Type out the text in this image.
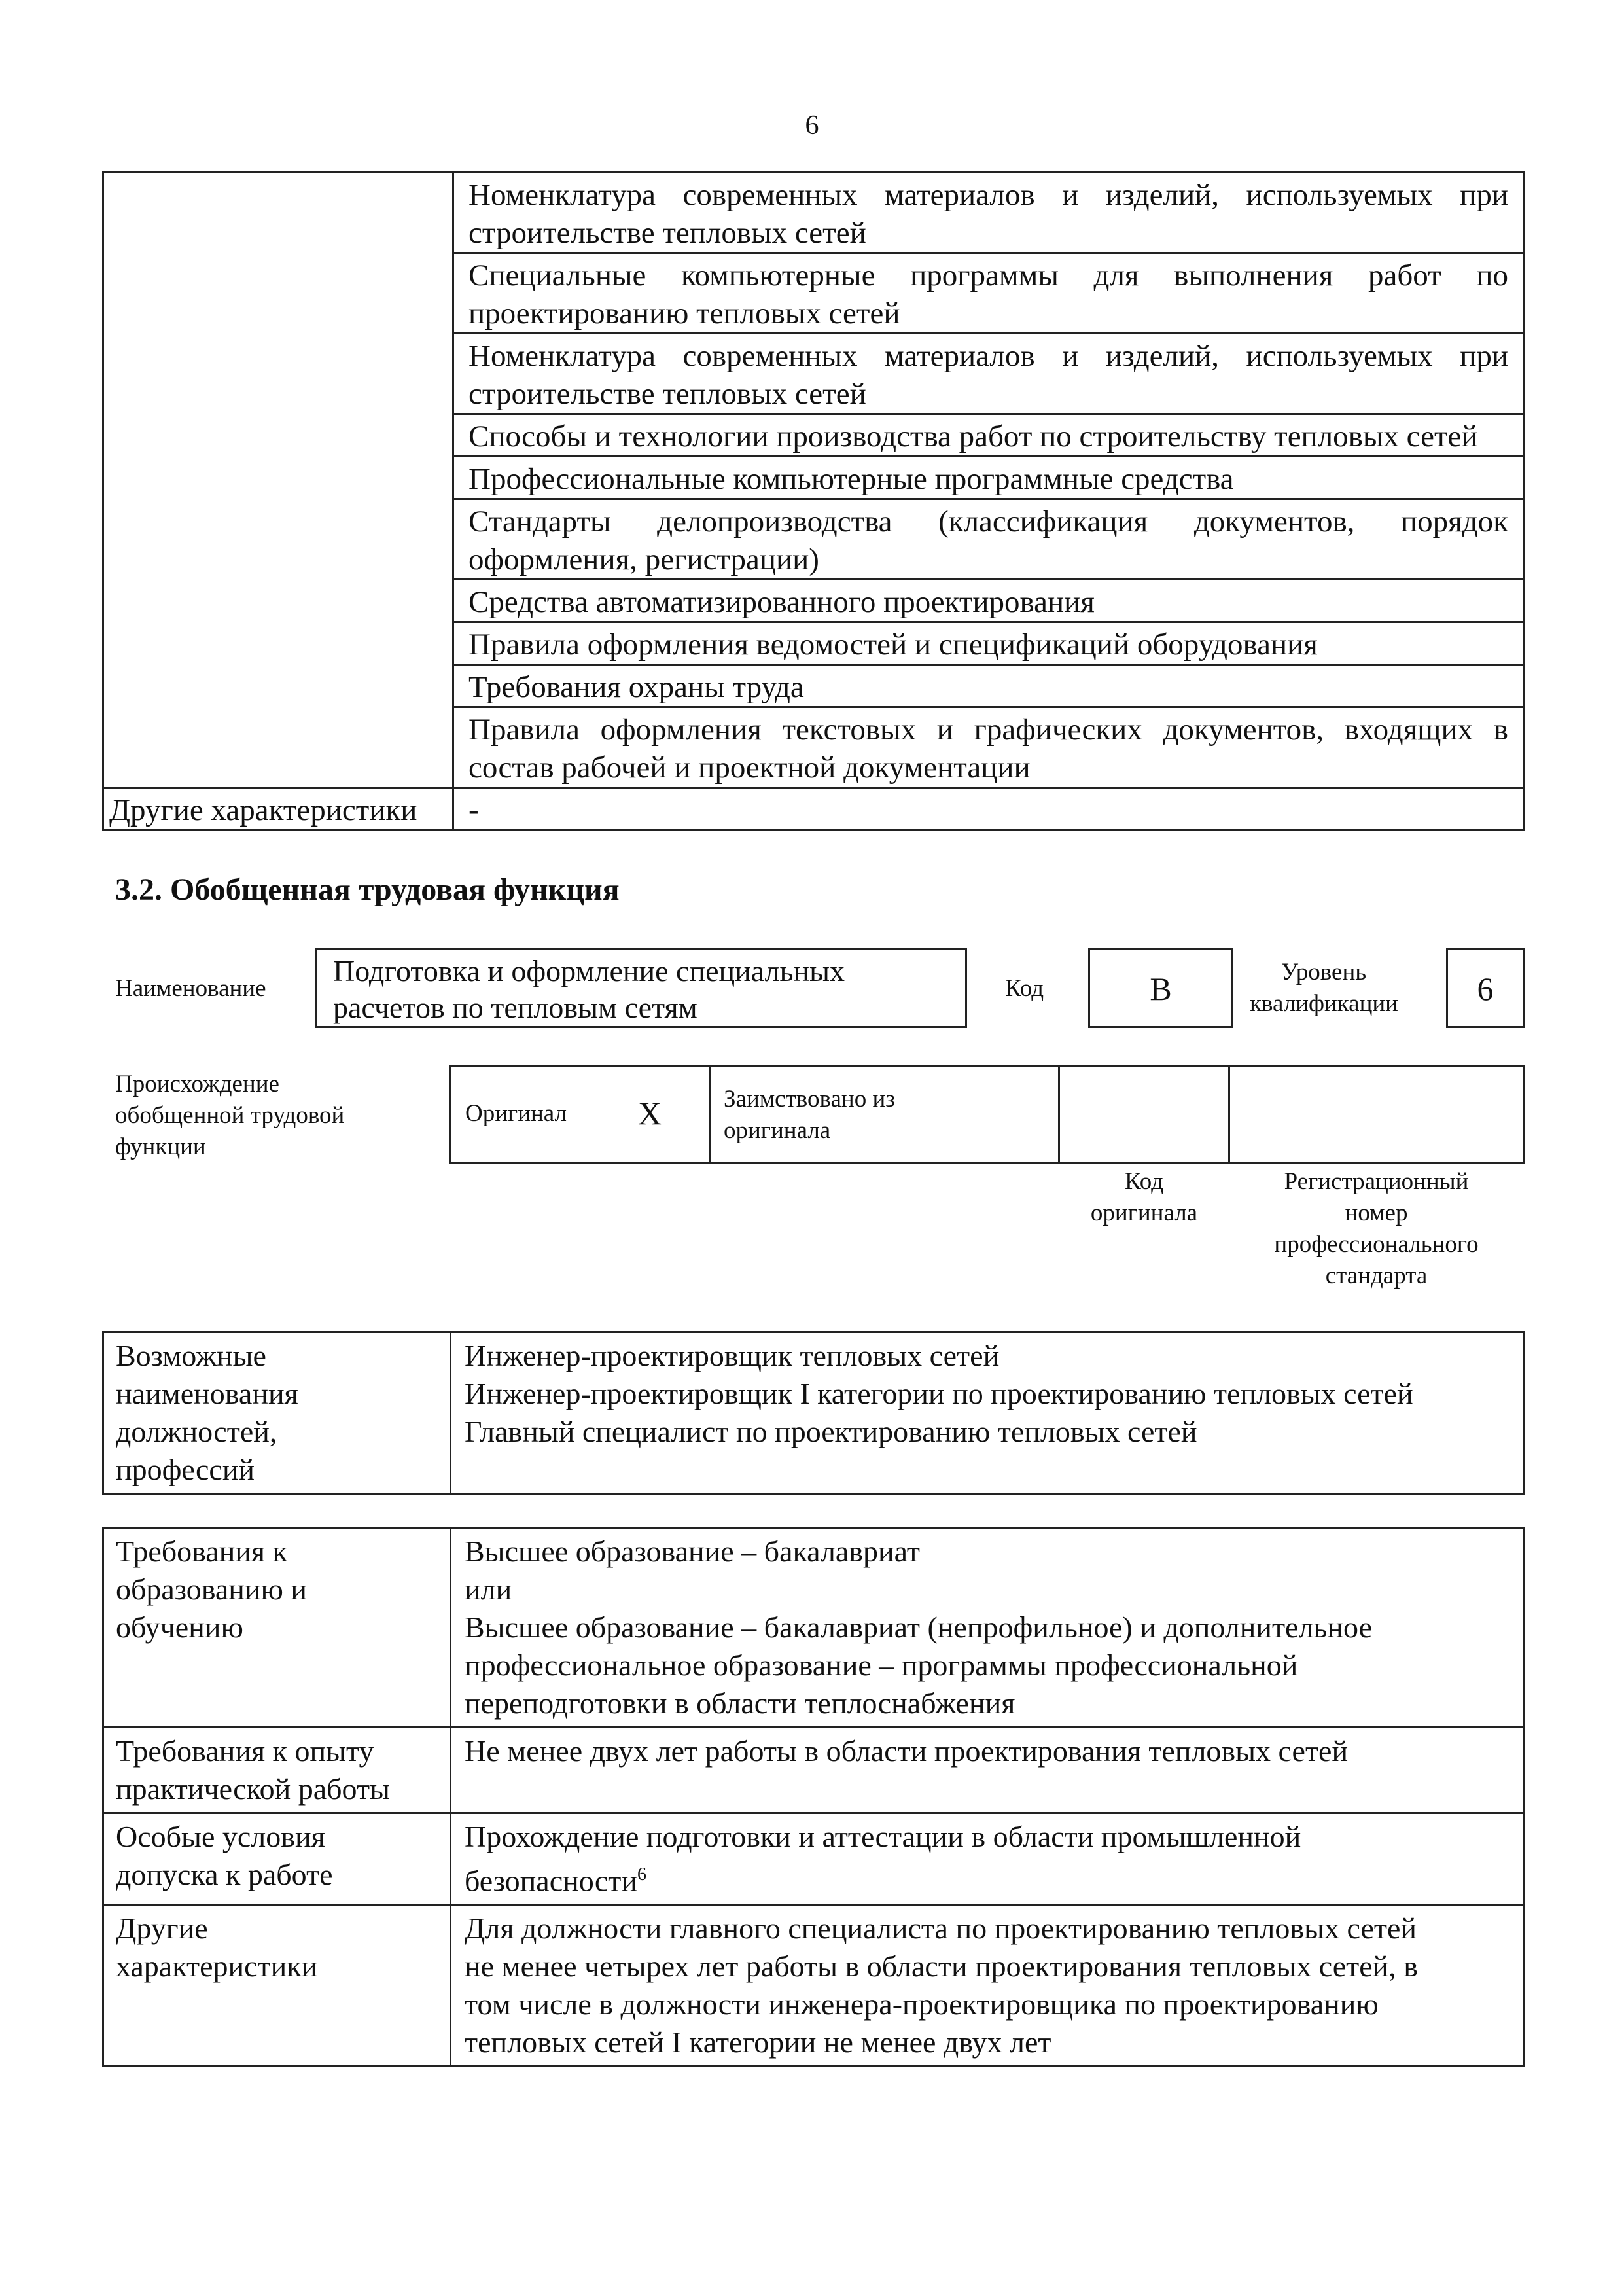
6

	Номенклатура современных материалов и изделий, используемых при строительстве тепловых сетей

	Специальные компьютерные программы для выполнения работ по проектированию тепловых сетей

	Номенклатура современных материалов и изделий, используемых при строительстве тепловых сетей

	Способы и технологии производства работ по строительству тепловых сетей

	Профессиональные компьютерные программные средства

	Стандарты делопроизводства (классификация документов, порядок оформления, регистрации)

	Средства автоматизированного проектирования

	Правила оформления ведомостей и спецификаций оборудования

	Требования охраны труда

	Правила оформления текстовых и графических документов, входящих в состав рабочей и проектной документации

Другие характеристики	-
3.2. Обобщенная трудовая функция
Наименование
Подготовка и оформление специальных
расчетов по тепловым сетям
Код	B	Уровень
квалификации	6
Происхождение
обобщенной трудовой
функции
Оригинал X	Заимствовано из
оригинала
Код
оригинала
Регистрационный
номер
профессионального
стандарта
Возможные
наименования
должностей,
профессий

Инженер-проектировщик тепловых сетей
Инженер-проектировщик I категории по проектированию тепловых сетей
Главный специалист по проектированию тепловых сетей
Требования к
образованию и
обучению	Высшее образование – бакалавриат
или
Высшее образование – бакалавриат (непрофильное) и дополнительное
профессиональное образование – программы профессиональной
переподготовки в области теплоснабжения

Требования к опыту
практической работы	Не менее двух лет работы в области проектирования тепловых сетей

Особые условия
допуска к работе	Прохождение подготовки и аттестации в области промышленной
безопасности$^6$

Другие
характеристики	Для должности главного специалиста по проектированию тепловых сетей
не менее четырех лет работы в области проектирования тепловых сетей, в
том числе в должности инженера-проектировщика по проектированию
тепловых сетей I категории не менее двух лет
